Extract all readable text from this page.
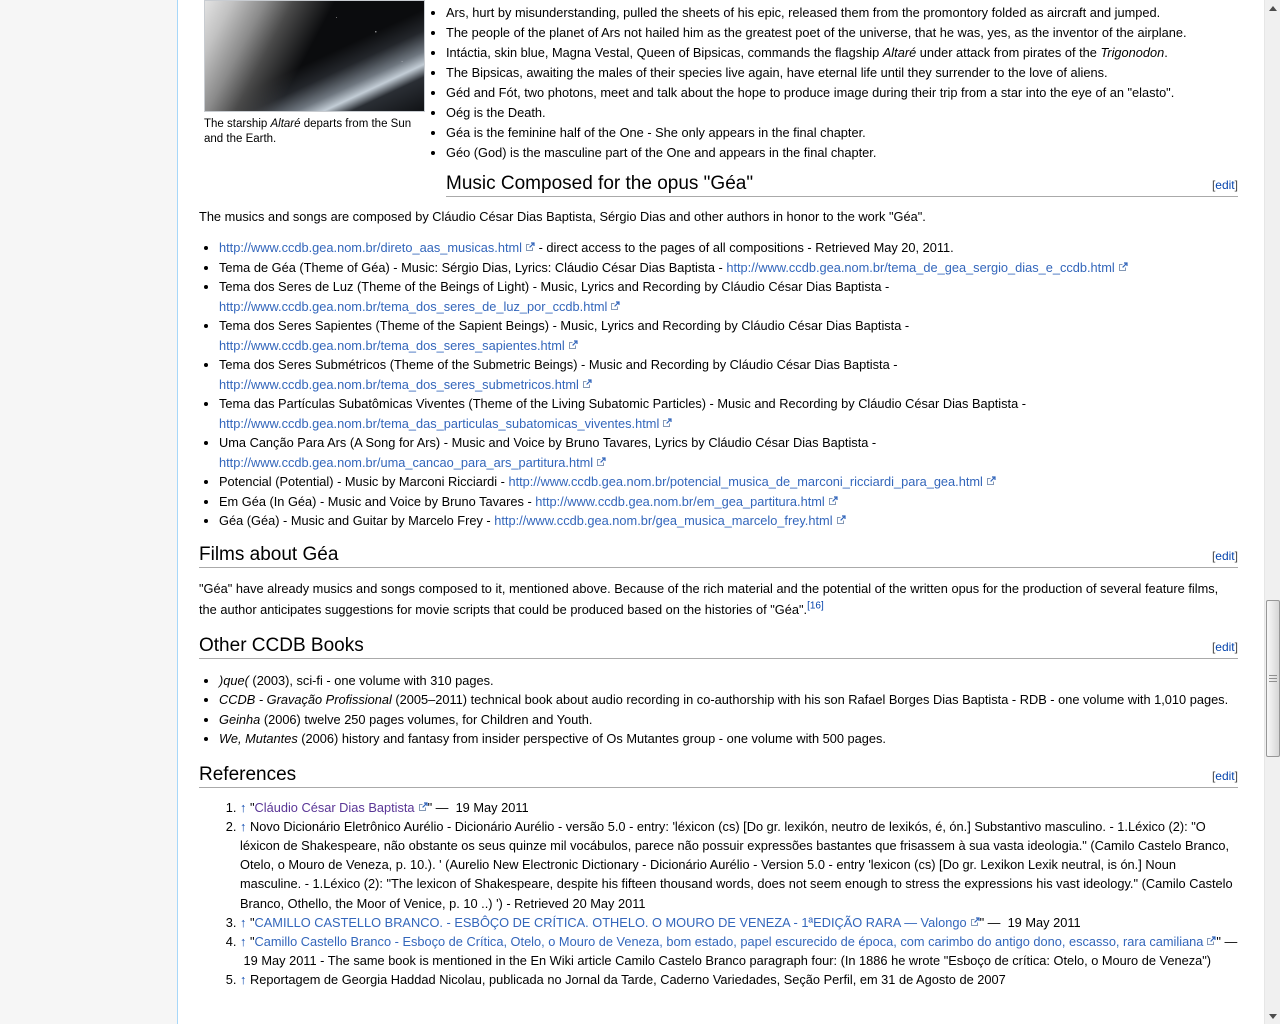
The starship Altaré departs from the Sun and the Earth.
• Ars, hurt by misunderstanding, pulled the sheets of his epic, released them from the promontory folded as aircraft and jumped.
• The people of the planet of Ars not hailed him as the greatest poet of the universe, that he was, yes, as the inventor of the airplane.
• Intáctia, skin blue, Magna Vestal, Queen of Bipsicas, commands the flagship Altaré under attack from pirates of the Trigonodon.
• The Bipsicas, awaiting the males of their species live again, have eternal life until they surrender to the love of aliens.
• Géd and Fót, two photons, meet and talk about the hope to produce image during their trip from a star into the eye of an "elasto".
• Oég is the Death.
• Géa is the feminine half of the One - She only appears in the final chapter.
• Géo (God) is the masculine part of the One and appears in the final chapter.
[edit]
Music Composed for the opus "Géa"

The musics and songs are composed by Cláudio César Dias Baptista, Sérgio Dias and other authors in honor to the work "Géa".

• http://www.ccdb.gea.nom.br/direto_aas_musicas.html - direct access to the pages of all compositions - Retrieved May 20, 2011.
• Tema de Géa (Theme of Géa) - Music: Sérgio Dias, Lyrics: Cláudio César Dias Baptista - http://www.ccdb.gea.nom.br/tema_de_gea_sergio_dias_e_ccdb.html
• Tema dos Seres de Luz (Theme of the Beings of Light) - Music, Lyrics and Recording by Cláudio César Dias Baptista - http://www.ccdb.gea.nom.br/tema_dos_seres_de_luz_por_ccdb.html
• Tema dos Seres Sapientes (Theme of the Sapient Beings) - Music, Lyrics and Recording by Cláudio César Dias Baptista - http://www.ccdb.gea.nom.br/tema_dos_seres_sapientes.html
• Tema dos Seres Submétricos (Theme of the Submetric Beings) - Music and Recording by Cláudio César Dias Baptista - http://www.ccdb.gea.nom.br/tema_dos_seres_submetricos.html
• Tema das Partículas Subatômicas Viventes (Theme of the Living Subatomic Particles) - Music and Recording by Cláudio César Dias Baptista - http://www.ccdb.gea.nom.br/tema_das_particulas_subatomicas_viventes.html
• Uma Canção Para Ars (A Song for Ars) - Music and Voice by Bruno Tavares, Lyrics by Cláudio César Dias Baptista - http://www.ccdb.gea.nom.br/uma_cancao_para_ars_partitura.html
• Potencial (Potential) - Music by Marconi Ricciardi - http://www.ccdb.gea.nom.br/potencial_musica_de_marconi_ricciardi_para_gea.html
• Em Géa (In Géa) - Music and Voice by Bruno Tavares - http://www.ccdb.gea.nom.br/em_gea_partitura.html
• Géa (Géa) - Music and Guitar by Marcelo Frey - http://www.ccdb.gea.nom.br/gea_musica_marcelo_frey.html
[edit]
Films about Géa

"Géa" have already musics and songs composed to it, mentioned above. Because of the rich material and the potential of the written opus for the production of several feature films, the author anticipates suggestions for movie scripts that could be produced based on the histories of "Géa".[16]

[edit]
Other CCDB Books
• )que( (2003), sci-fi - one volume with 310 pages.
• CCDB - Gravação Profissional (2005–2011) technical book about audio recording in co-authorship with his son Rafael Borges Dias Baptista - RDB - one volume with 1,010 pages.
• Geinha (2006) twelve 250 pages volumes, for Children and Youth.
• We, Mutantes (2006) history and fantasy from insider perspective of Os Mutantes group - one volume with 500 pages.
[edit]
References
1. ↑ "Cláudio César Dias Baptista " —  19 May 2011
2. ↑ Novo Dicionário Eletrônico Aurélio - Dicionário Aurélio - versão 5.0 - entry: 'léxicon (cs) [Do gr. lexikón, neutro de lexikós, é, ón.] Substantivo masculino. - 1.Léxico (2): "O léxicon de Shakespeare, não obstante os seus quinze mil vocábulos, parece não possuir expressões bastantes que frisassem à sua vasta ideologia." (Camilo Castelo Branco, Otelo, o Mouro de Veneza, p. 10.). ' (Aurelio New Electronic Dictionary - Dicionário Aurélio - Version 5.0 - entry 'lexicon (cs) [Do gr. Lexikon Lexik neutral, is ón.] Noun masculine. - 1.Léxico (2): "The lexicon of Shakespeare, despite his fifteen thousand words, does not seem enough to stress the expressions his vast ideology." (Camilo Castelo Branco, Othello, the Moor of Venice, p. 10 ..) ') - Retrieved 20 May 2011
3. ↑ "CAMILLO CASTELLO BRANCO. - ESBÔÇO DE CRÍTICA. OTHELO. O MOURO DE VENEZA - 1ªEDIÇÃO RARA — Valongo " —  19 May 2011
4. ↑ "Camillo Castello Branco - Esboço de Crítica, Otelo, o Mouro de Veneza, bom estado, papel escurecido de época, com carimbo do antigo dono, escasso, rara camiliana " —  19 May 2011 - The same book is mentioned in the En Wiki article Camilo Castelo Branco paragraph four: (In 1886 he wrote "Esboço de crítica: Otelo, o Mouro de Veneza")
5. ↑ Reportagem de Georgia Haddad Nicolau, publicada no Jornal da Tarde, Caderno Variedades, Seção Perfil, em 31 de Agosto de 2007
